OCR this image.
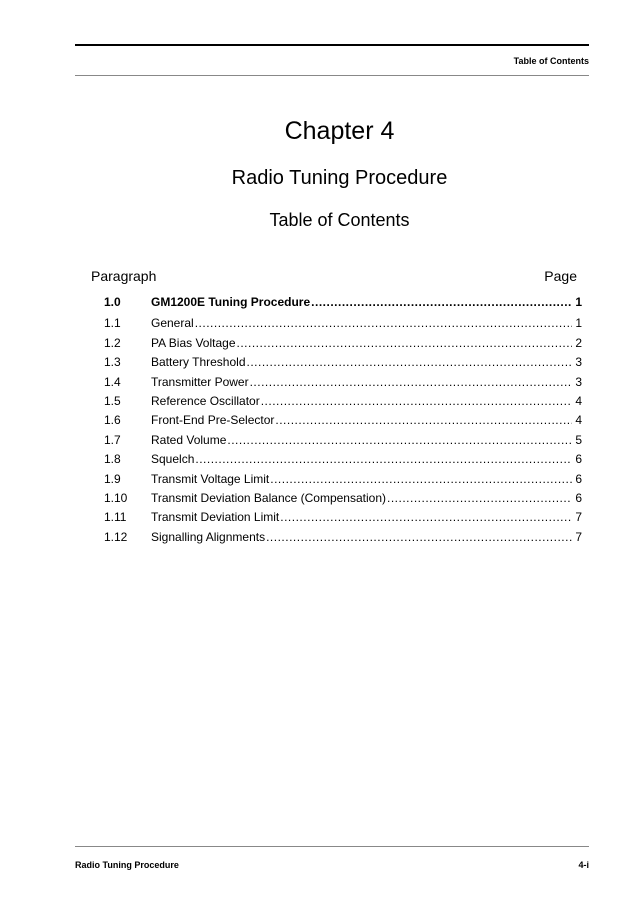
Table of Contents
Chapter 4
Radio Tuning Procedure
Table of Contents
Paragraph	Page
1.0	GM1200E Tuning Procedure .....	1
1.1	General .....	1
1.2	PA Bias Voltage .....	2
1.3	Battery Threshold .....	3
1.4	Transmitter Power .....	3
1.5	Reference Oscillator .....	4
1.6	Front-End Pre-Selector .....	4
1.7	Rated Volume .....	5
1.8	Squelch .....	6
1.9	Transmit Voltage Limit .....	6
1.10	Transmit Deviation Balance (Compensation) .....	6
1.11	Transmit Deviation Limit .....	7
1.12	Signalling Alignments .....	7
Radio Tuning Procedure	4-i
